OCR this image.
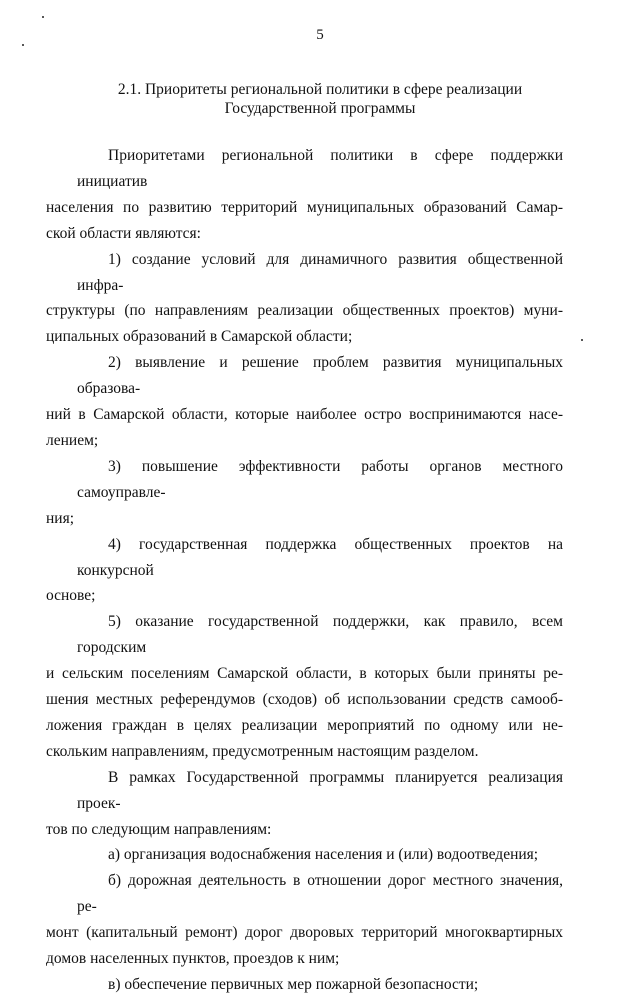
5
2.1. Приоритеты региональной политики в сфере реализации
Государственной программы

Приоритетами региональной политики в сфере поддержки инициатив
населения по развитию территорий муниципальных образований Самар-
ской области являются:

1) создание условий для динамичного развития общественной инфра-
структуры (по направлениям реализации общественных проектов) муни-
ципальных образований в Самарской области;

2) выявление и решение проблем развития муниципальных образова-
ний в Самарской области, которые наиболее остро воспринимаются насе-
лением;

3) повышение эффективности работы органов местного самоуправле-
ния;

4) государственная поддержка общественных проектов на конкурсной
основе;

5) оказание государственной поддержки, как правило, всем городским
и сельским поселениям Самарской области, в которых были приняты ре-
шения местных референдумов (сходов) об использовании средств самооб-
ложения граждан в целях реализации мероприятий по одному или не-
скольким направлениям, предусмотренным настоящим разделом.

В рамках Государственной программы планируется реализация проек-
тов по следующим направлениям:

а) организация водоснабжения населения и (или) водоотведения;

б) дорожная деятельность в отношении дорог местного значения, ре-
монт (капитальный ремонт) дорог дворовых территорий многоквартирных
домов населенных пунктов, проездов к ним;

в) обеспечение первичных мер пожарной безопасности;
